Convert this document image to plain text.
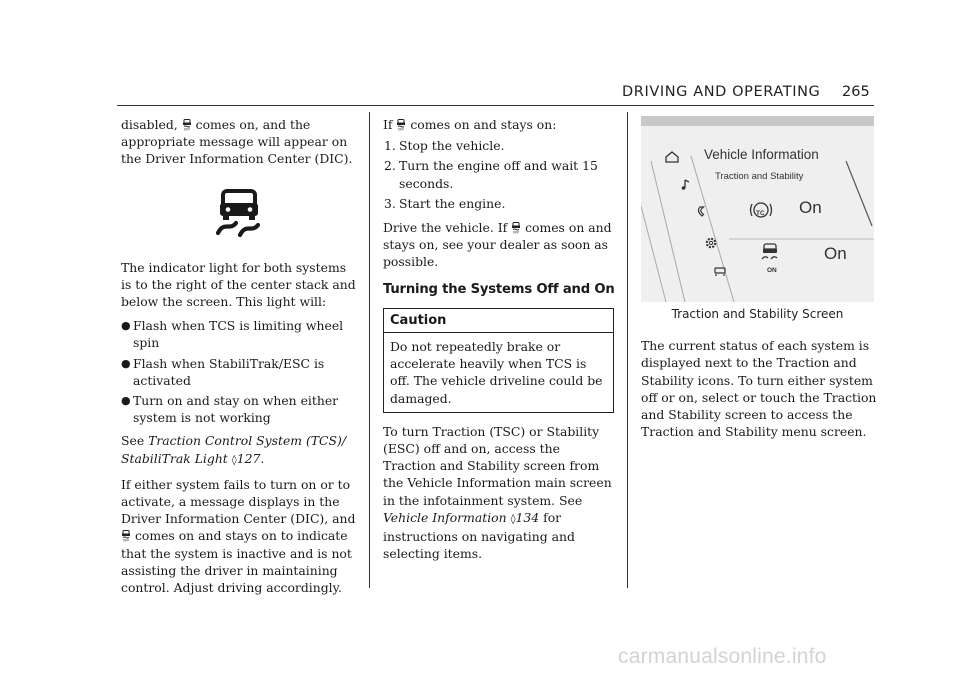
DRIVING AND OPERATING 265

disabled, OFF comes on, and the appropriate message will appear on the Driver Information Center (DIC).

The indicator light for both systems is to the right of the center stack and below the screen. This light will:

● Flash when TCS is limiting wheel spin
● Flash when StabiliTrak/ESC is activated
● Turn on and stay on when either system is not working

See Traction Control System (TCS)/ StabiliTrak Light ◊127.

If either system fails to turn on or to activate, a message displays in the Driver Information Center (DIC), and

OFF comes on and stays on to indicate that the system is inactive and is not assisting the driver in maintaining control. Adjust driving accordingly.

If OFF comes on and stays on:

1. Stop the vehicle.
2. Turn the engine off and wait 15 seconds.
3. Start the engine.

Drive the vehicle. If OFF comes on and stays on, see your dealer as soon as possible.

Turning the Systems Off and On
Caution
Do not repeatedly brake or accelerate heavily when TCS is off. The vehicle driveline could be damaged.

To turn Traction (TSC) or Stability (ESC) off and on, access the Traction and Stability screen from the Vehicle Information main screen in the infotainment system. See Vehicle Information ◊134 for instructions on navigating and selecting items.

Vehicle Information
Traction and Stability
TC On
ON
On
Traction and Stability Screen

The current status of each system is displayed next to the Traction and Stability icons. To turn either system off or on, select or touch the Traction and Stability screen to access the Traction and Stability menu screen.

carmanualsonline.info
